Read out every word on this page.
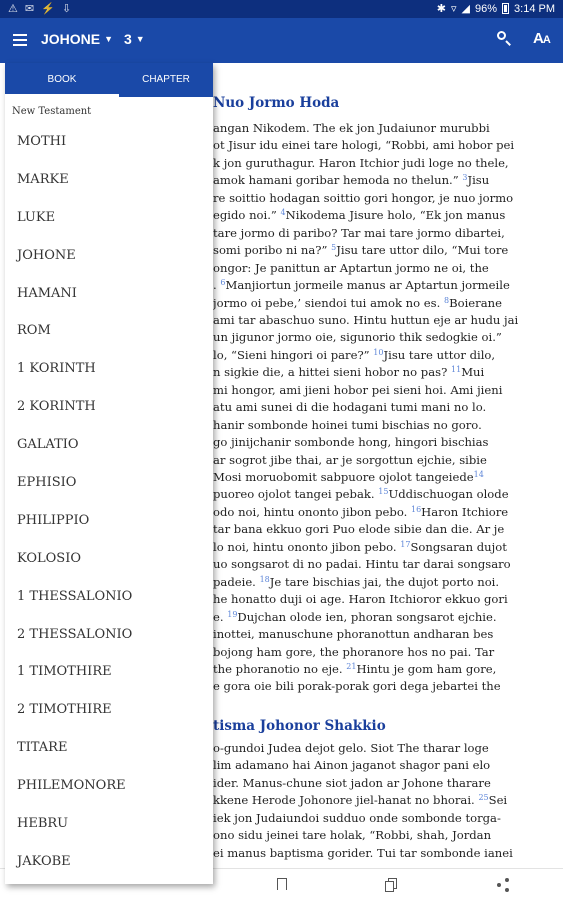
⚠ ✉ ⚡ ⇩	✱ ▿ ◢ 96% 3:14 PM
JOHONE ▼ 3 ▼	AA
Nuo Jormo Hoda
tisma Johonor Shakkio
angan Nikodem. The ek jon Judaiunor murubbi
ot Jisur idu einei tare hologi, “Robbi, ami hobor pei
k jon guruthagur. Haron Itchior judi loge no thele,
amok hamani goribar hemoda no thelun.” $^3$Jisu
re soittio hodagan soittio gori hongor, je nuo jormo
egido noi.” $^4$Nikodema Jisure holo, “Ek jon manus
tare jormo di paribo? Tar mai tare jormo dibartei,
somi poribo ni na?” $^5$Jisu tare uttor dilo, “Mui tore
ongor: Je panittun ar Aptartun jormo ne oi, the
. $^6$Manjiortun jormeile manus ar Aptartun jormeile
jormo oi pebe,’ siendoi tui amok no es. $^8$Boierane
ami tar abaschuo suno. Hintu huttun eje ar hudu jai
un jigunor jormo oie, sigunorio thik sedogkie oi.”
lo, “Sieni hingori oi pare?” $^{10}$Jisu tare uttor dilo,
n sigkie die, a hittei sieni hobor no pas? $^{11}$Mui
mi hongor, ami jieni hobor pei sieni hoi. Ami jieni
atu ami sunei di die hodagani tumi mani no lo.
hanir sombonde hoinei tumi bischias no goro.
go jinijchanir sombonde hong, hingori bischias
ar sogrot jibe thai, ar je sorgottun ejchie, sibie
Mosi moruobomit sabpuore ojolot tangeiede$^{14}$
puoreo ojolot tangei pebak. $^{15}$Uddischuogan olode
odo noi, hintu ononto jibon pebo. $^{16}$Haron Itchiore
tar bana ekkuo gori Puo elode sibie dan die. Ar je
lo noi, hintu ononto jibon pebo. $^{17}$Songsaran dujot
uo songsarot di no padai. Hintu tar darai songsaro
padeie. $^{18}$Je tare bischias jai, the dujot porto noi.
he honatto duji oi age. Haron Itchioror ekkuo gori
e. $^{19}$Dujchan olode ien, phoran songsarot ejchie.
inottei, manuschune phoranottun andharan bes
bojong ham gore, the phoranore hos no pai. Tar
the phoranotio no eje. $^{21}$Hintu je gom ham gore,
e gora oie bili porak-porak gori dega jebartei the
o-gundoi Judea dejot gelo. Siot The tharar loge
lim adamano hai Ainon jaganot shagor pani elo
ider. Manus-chune siot jadon ar Johone tharare
kkene Herode Johonore jiel-hanat no bhorai. $^{25}$Sei
iek jon Judaiundoi sudduo onde sombonde torga-
ono sidu jeinei tare holak, “Robbi, shah, Jordan
ei manus baptisma gorider. Tui tar sombonde ianei
BOOK	CHAPTER
New Testament
MOTHI
MARKE
LUKE
JOHONE
HAMANI
ROM
1 KORINTH
2 KORINTH
GALATIO
EPHISIO
PHILIPPIO
KOLOSIO
1 THESSALONIO
2 THESSALONIO
1 TIMOTHIRE
2 TIMOTHIRE
TITARE
PHILEMONORE
HEBRU
JAKOBE
